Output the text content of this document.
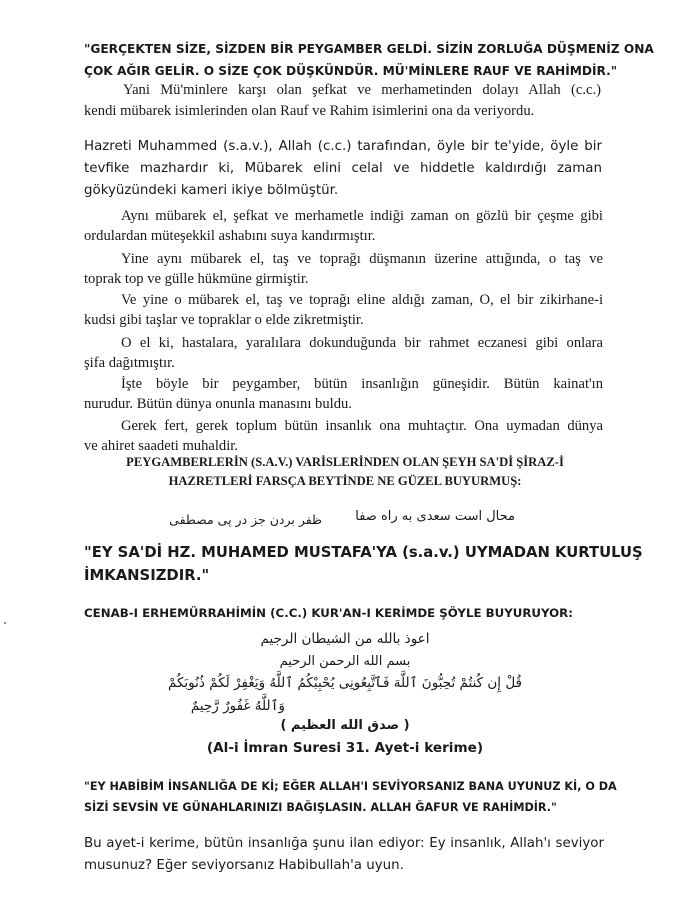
"GERÇEKTEN SİZE, SİZDEN BİR PEYGAMBER GELDİ. SİZİN ZORLUĞA DÜŞMENİZ ONA
ÇOK AĞIR GELİR. O SİZE ÇOK DÜŞKÜNDÜR. MÜ'MİNLERE RAUF VE RAHİMDİR."
Yani Mü'minlere karşı olan şefkat ve merhametinden dolayı Allah (c.c.)
kendi mübarek isimlerinden olan Rauf ve Rahim isimlerini ona da veriyordu.
Hazreti Muhammed (s.a.v.), Allah (c.c.) tarafından, öyle bir te'yide, öyle bir
tevfike mazhardır ki, Mübarek elini celal ve hiddetle kaldırdığı zaman
gökyüzündeki kameri ikiye bölmüştür.
Aynı mübarek el, şefkat ve merhametle indiği zaman on gözlü bir çeşme gibi
ordulardan müteşekkil ashabını suya kandırmıştır.
Yine aynı mübarek el, taş ve toprağı düşmanın üzerine attığında, o taş ve
toprak top ve gülle hükmüne girmiştir.
Ve yine o mübarek el, taş ve toprağı eline aldığı zaman, O, el bir zikirhane-i
kudsi gibi taşlar ve topraklar o elde zikretmiştir.
O el ki, hastalara, yaralılara dokunduğunda bir rahmet eczanesi gibi onlara
şifa dağıtmıştır.
İşte böyle bir peygamber, bütün insanlığın güneşidir. Bütün kainat'ın
nurudur. Bütün dünya onunla manasını buldu.
Gerek fert, gerek toplum bütün insanlık ona muhtaçtır. Ona uymadan dünya
ve ahiret saadeti muhaldir.
PEYGAMBERLERİN (S.A.V.) VARİSLERİNDEN OLAN ŞEYH SA'Dİ ŞİRAZ-İ
HAZRETLERİ FARSÇA BEYTİNDE NE GÜZEL BUYURMUŞ:
محال است سعدی به راه صفا
ظفر بردن جز در پی مصطفی
"EY SA'Dİ HZ. MUHAMED MUSTAFA'YA (s.a.v.) UYMADAN KURTULUŞ
İMKANSIZDIR."
CENAB-I ERHEMÜRRAHİMİN (C.C.) KUR'AN-I KERİMDE ŞÖYLE BUYURUYOR:
اعوذ بالله من الشيطان الرجيم
بسم الله الرحمن الرحيم
قُلْ إِن كُنتُمْ تُحِبُّونَ ٱللَّهَ فَٱتَّبِعُونِى يُحْبِبْكُمُ ٱللَّهُ وَيَغْفِرْ لَكُمْ ذُنُوبَكُمْ
وَٱللَّهُ غَفُورٌ رَّحِيمٌ
( صدق الله العظيم )
(Al-i İmran Suresi 31. Ayet-i kerime)
"EY HABİBİM İNSANLIĞA DE Kİ; EĞER ALLAH'I SEVİYORSANIZ BANA UYUNUZ Kİ, O DA
SİZİ SEVSİN VE GÜNAHLARINIZI BAĞIŞLASIN. ALLAH ĞAFUR VE RAHİMDİR."
Bu ayet-i kerime, bütün insanlığa şunu ilan ediyor: Ey insanlık, Allah'ı seviyor
musunuz? Eğer seviyorsanız Habibullah'a uyun.
